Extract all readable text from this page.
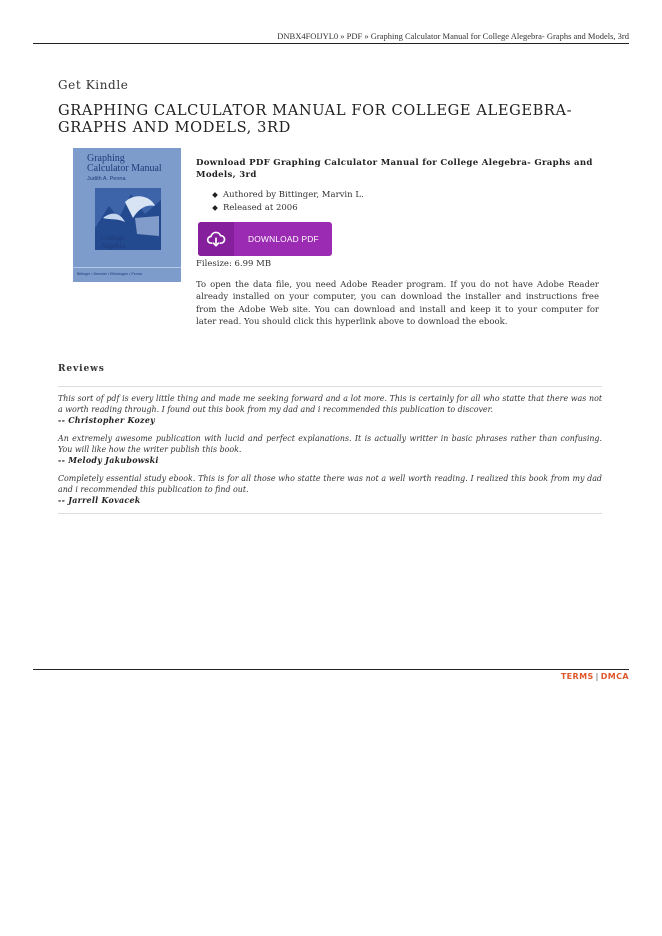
DNBX4FOIJYL0 » PDF » Graphing Calculator Manual for College Alegebra- Graphs and Models, 3rd
Get Kindle
GRAPHING CALCULATOR MANUAL FOR COLLEGE ALEGEBRA- GRAPHS AND MODELS, 3RD
Graphing
Calculator Manual
Judith A. Penna
College
Algebra
Bittinger • Beecher • Ellenbogen • Penna
Download PDF Graphing Calculator Manual for College Alegebra- Graphs and Models, 3rd
Authored by Bittinger, Marvin L.
Released at 2006
DOWNLOAD PDF
Filesize: 6.99 MB

To open the data file, you need Adobe Reader program. If you do not have Adobe Reader already installed on your computer, you can download the installer and instructions free from the Adobe Web site. You can download and install and keep it to your computer for later read. You should click this hyperlink above to download the ebook.

Reviews

This sort of pdf is every little thing and made me seeking forward and a lot more. This is certainly for all who statte that there was not a worth reading through. I found out this book from my dad and i recommended this publication to discover.

-- Christopher Kozey

An extremely awesome publication with lucid and perfect explanations. It is actually writter in basic phrases rather than confusing. You will like how the writer publish this book.

-- Melody Jakubowski

Completely essential study ebook. This is for all those who statte there was not a well worth reading. I realized this book from my dad and i recommended this publication to find out.

-- Jarrell Kovacek
TERMS | DMCA
